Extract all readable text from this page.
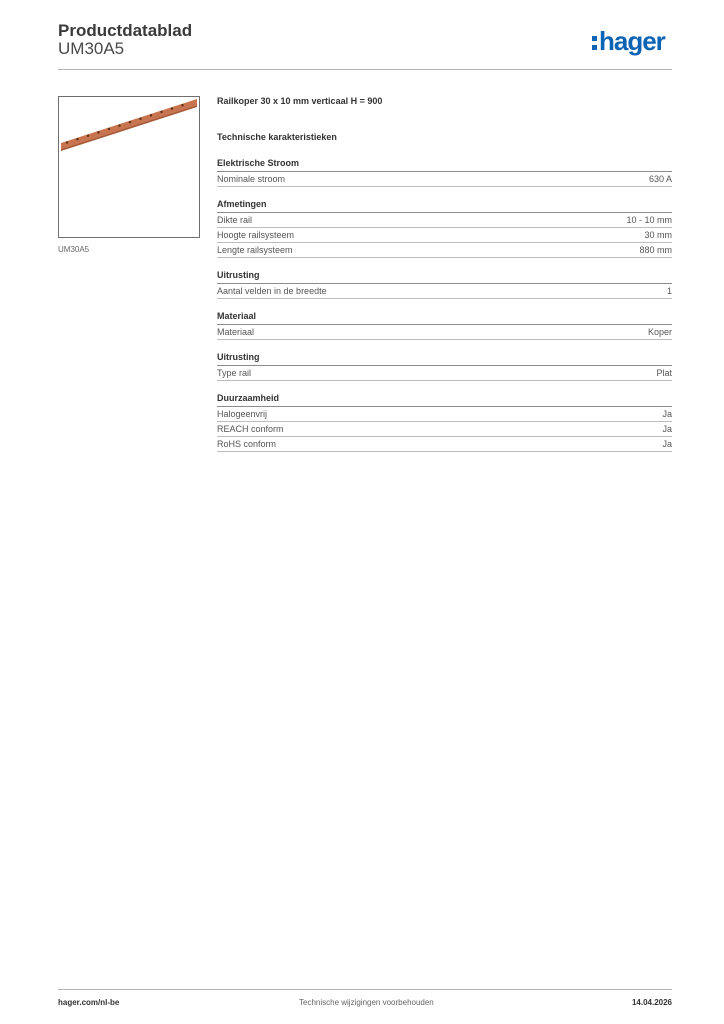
Productdatablad
UM30A5	hager
UM30A5
Railkoper 30 x 10 mm verticaal H = 900
Technische karakteristieken
Elektrische Stroom
Nominale stroom	630 A
Afmetingen
Dikte rail	10 - 10 mm
Hoogte railsysteem	30 mm
Lengte railsysteem	880 mm
Uitrusting
Aantal velden in de breedte	1
Materiaal
Materiaal	Koper
Uitrusting
Type rail	Plat
Duurzaamheid
Halogeenvrij	Ja
REACH conform	Ja
RoHS conform	Ja
hager.com/nl-be	Technische wijzigingen voorbehouden	14.04.2026
